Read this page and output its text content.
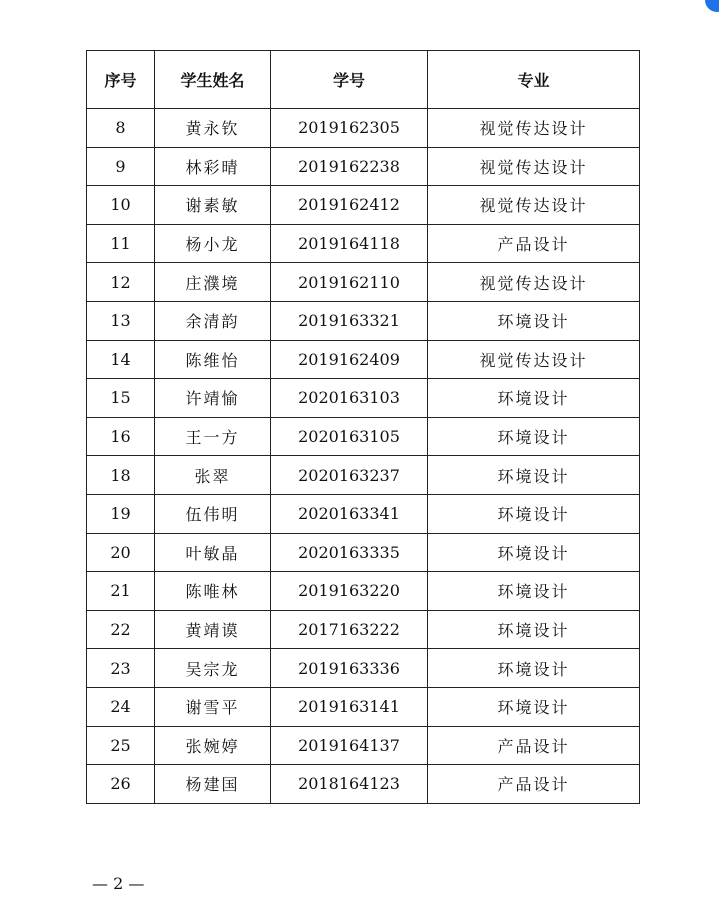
序号	学生姓名	学号	专业
8	黄永钦	2019162305	视觉传达设计
9	林彩晴	2019162238	视觉传达设计
10	谢素敏	2019162412	视觉传达设计
11	杨小龙	2019164118	产品设计
12	庄濮境	2019162110	视觉传达设计
13	余清韵	2019163321	环境设计
14	陈维怡	2019162409	视觉传达设计
15	许靖愉	2020163103	环境设计
16	王一方	2020163105	环境设计
18	张翠	2020163237	环境设计
19	伍伟明	2020163341	环境设计
20	叶敏晶	2020163335	环境设计
21	陈唯林	2019163220	环境设计
22	黄靖谟	2017163222	环境设计
23	吴宗龙	2019163336	环境设计
24	谢雪平	2019163141	环境设计
25	张婉婷	2019164137	产品设计
26	杨建国	2018164123	产品设计
— 2 —
